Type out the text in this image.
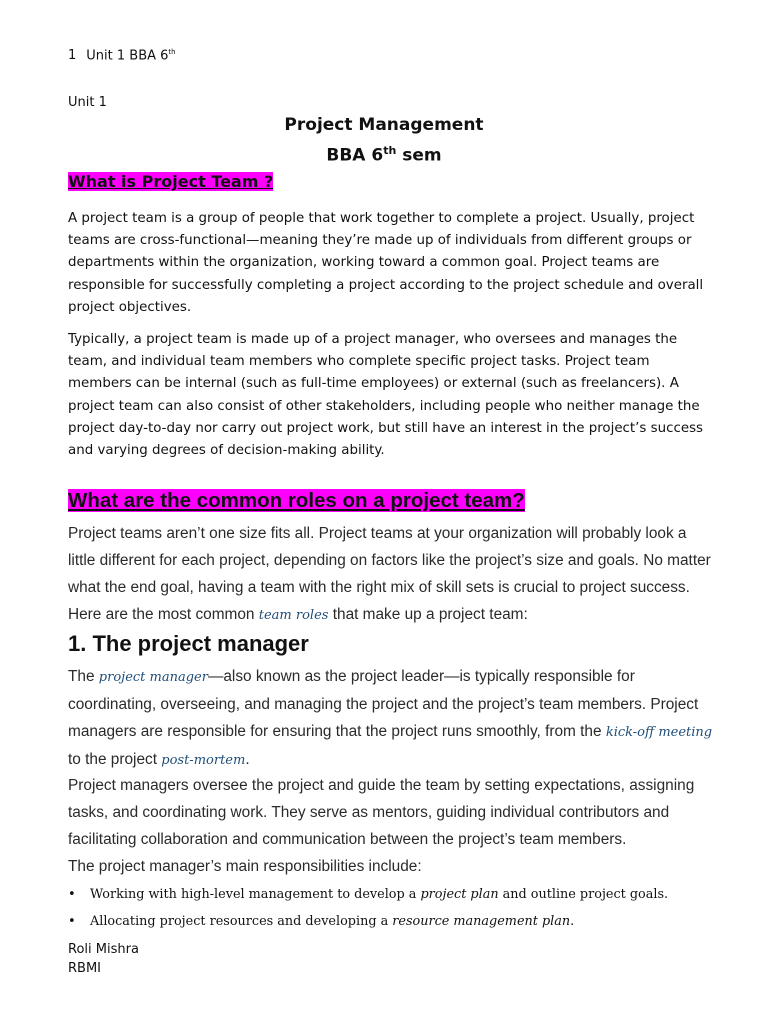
1 Unit 1 BBA 6th
Unit 1
Project Management
BBA 6th sem
What is Project Team ?
A project team is a group of people that work together to complete a project. Usually, project teams are cross-functional—meaning they’re made up of individuals from different groups or departments within the organization, working toward a common goal. Project teams are responsible for successfully completing a project according to the project schedule and overall project objectives.
Typically, a project team is made up of a project manager, who oversees and manages the team, and individual team members who complete specific project tasks. Project team members can be internal (such as full-time employees) or external (such as freelancers). A project team can also consist of other stakeholders, including people who neither manage the project day-to-day nor carry out project work, but still have an interest in the project’s success and varying degrees of decision-making ability.
What are the common roles on a project team?
Project teams aren’t one size fits all. Project teams at your organization will probably look a little different for each project, depending on factors like the project’s size and goals. No matter what the end goal, having a team with the right mix of skill sets is crucial to project success. Here are the most common team roles that make up a project team:
1. The project manager
The project manager—also known as the project leader—is typically responsible for coordinating, overseeing, and managing the project and the project’s team members. Project managers are responsible for ensuring that the project runs smoothly, from the kick-off meeting to the project post-mortem.
Project managers oversee the project and guide the team by setting expectations, assigning tasks, and coordinating work. They serve as mentors, guiding individual contributors and facilitating collaboration and communication between the project’s team members.
The project manager’s main responsibilities include:
• Working with high-level management to develop a project plan and outline project goals.
• Allocating project resources and developing a resource management plan.
Roli Mishra
RBMI
